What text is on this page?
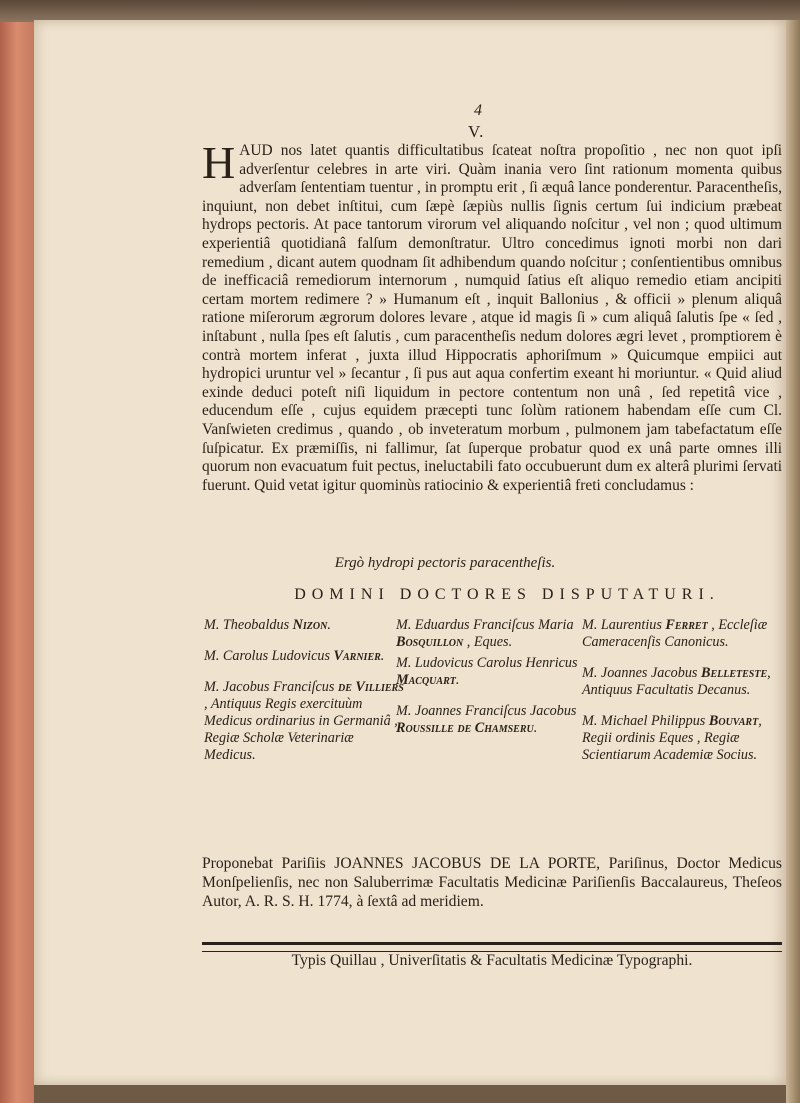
4
V.
H AUD nos latet quantis difficultatibus ſcateat noſtra propoſitio , nec non quot ipſi adverſentur celebres in arte viri. Quàm inania vero ſint rationum momenta quibus adverſam ſententiam tuentur , in promptu erit , ſi æquâ lance ponderentur. Paracentheſis, inquiunt, non debet inſtitui, cum ſæpè ſæpiùs nullis ſignis certum ſui indicium præbeat hydrops pectoris. At pace tantorum virorum vel aliquando noſcitur , vel non ; quod ultimum experientiâ quotidianâ falſum demonſtratur. Ultro concedimus ignoti morbi non dari remedium , dicant autem quodnam ſit adhibendum quando noſcitur ; conſentientibus omnibus de inefficaciâ remediorum internorum , numquid ſatius eſt aliquo remedio etiam ancipiti certam mortem redimere ? » Humanum eſt , inquit Ballonius , & officii » plenum aliquâ ratione miſerorum ægrorum dolores levare , atque id magis ſi » cum aliquâ ſalutis ſpe « ſed , inſtabunt , nulla ſpes eſt ſalutis , cum paracentheſis nedum dolores ægri levet , promptiorem è contrà mortem inferat , juxta illud Hippocratis aphoriſmum » Quicumque empiici aut hydropici uruntur vel » ſecantur , ſi pus aut aqua confertim exeant hi moriuntur. « Quid aliud exinde deduci poteſt niſi liquidum in pectore contentum non unâ , ſed repetitâ vice , educendum eſſe , cujus equidem præcepti tunc ſolùm rationem habendam eſſe cum Cl. Vanſwieten credimus , quando , ob inveteratum morbum , pulmonem jam tabefactatum eſſe ſuſpicatur. Ex præmiſſis, ni fallimur, ſat ſuperque probatur quod ex unâ parte omnes illi quorum non evacuatum fuit pectus, ineluctabili fato occubuerunt dum ex alterâ plurimi ſervati fuerunt. Quid vetat igitur quominùs ratiocinio & experientiâ freti concludamus :
Ergò hydropi pectoris paracentheſis.
DOMINI DOCTORES DISPUTATURI.
M. Theobaldus Nizon.
M. Carolus Ludovicus Varnier.
M. Jacobus Franciſcus de Villiers , Antiquus Regis exercituùm Medicus ordinarius in Germaniâ , Regiæ Scholæ Veterinariæ Medicus.
M. Eduardus Franciſcus Maria Bosquillon , Eques.
M. Ludovicus Carolus Henricus Macquart.
M. Joannes Franciſcus Jacobus Roussille de Chamseru.
M. Laurentius Ferret , Eccleſiæ Cameracenſis Canonicus.
M. Joannes Jacobus Belleteste, Antiquus Facultatis Decanus.
M. Michael Philippus Bouvart, Regii ordinis Eques , Regiæ Scientiarum Academiæ Socius.
Proponebat Pariſiis JOANNES JACOBUS DE LA PORTE, Pariſinus, Doctor Medicus Monſpelienſis, nec non Saluberrimæ Facultatis Medicinæ Pariſienſis Baccalaureus, Theſeos Autor, A. R. S. H. 1774, à ſextâ ad meridiem.
Typis Quillau , Univerſitatis & Facultatis Medicinæ Typographi.
